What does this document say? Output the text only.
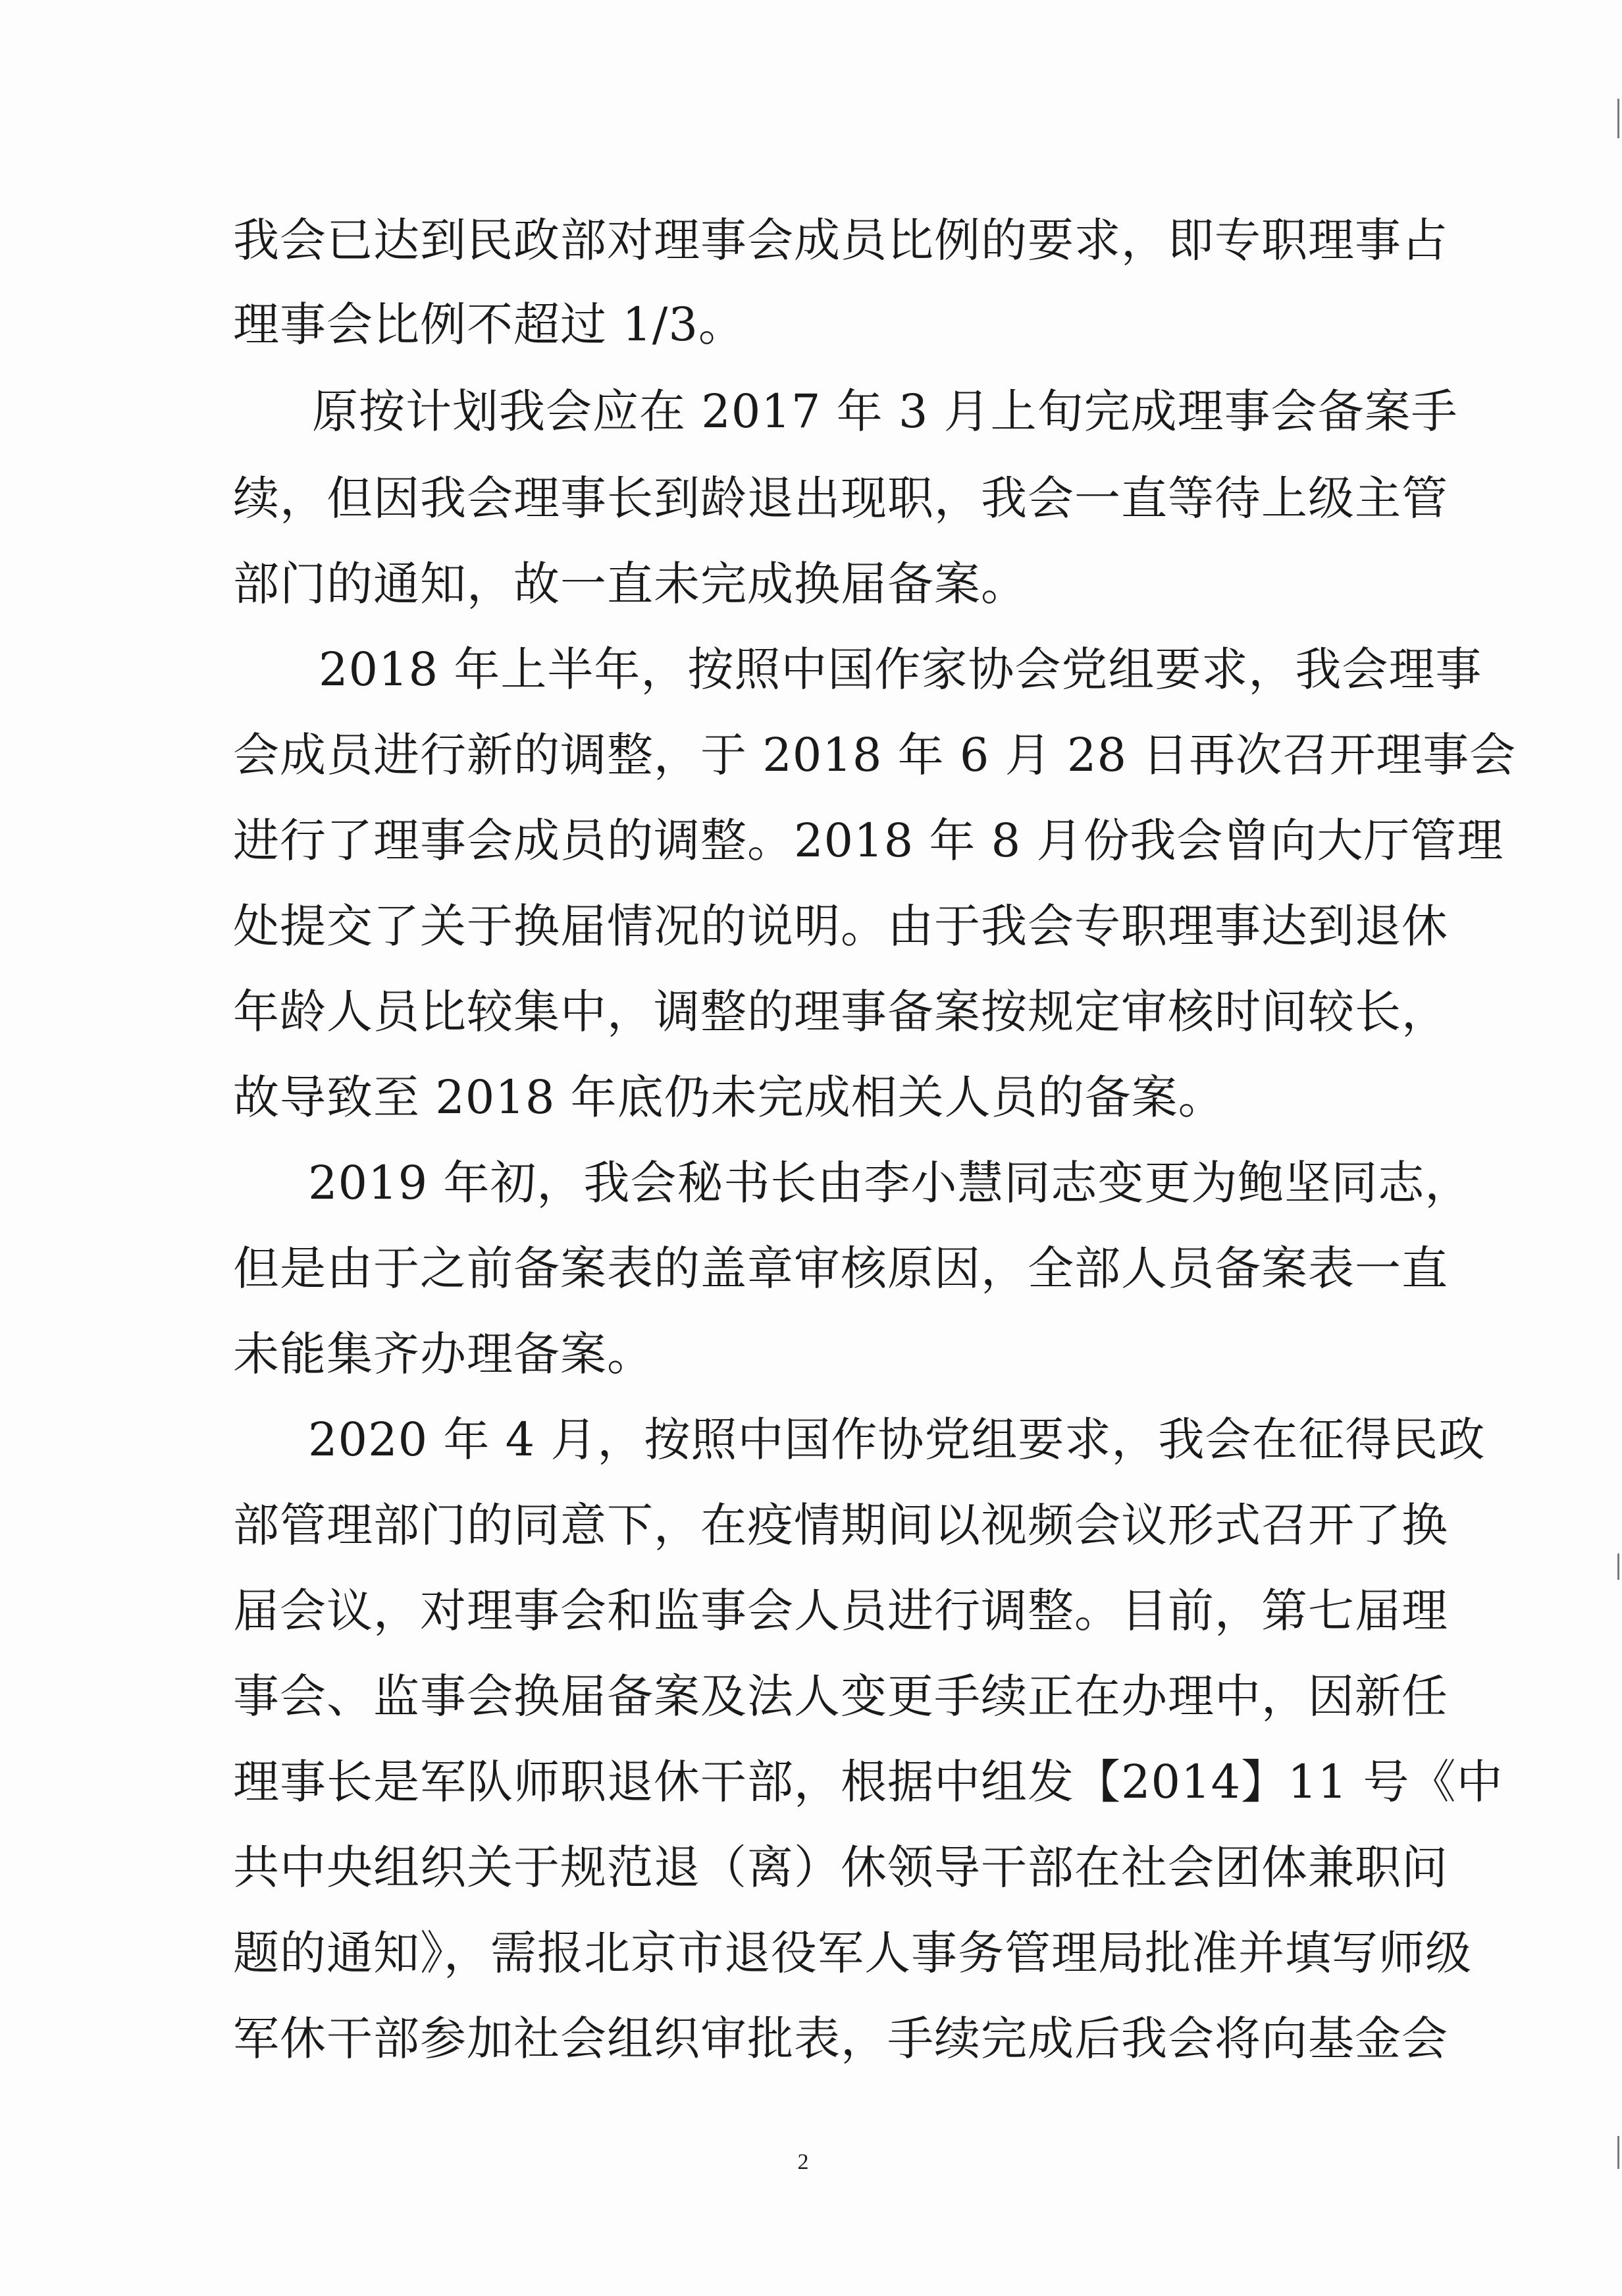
我会已达到民政部对理事会成员比例的要求，即专职理事占
理事会比例不超过 1/3。
原按计划我会应在 2017 年 3 月上旬完成理事会备案手
续，但因我会理事长到龄退出现职，我会一直等待上级主管
部门的通知，故一直未完成换届备案。
2018 年上半年，按照中国作家协会党组要求，我会理事
会成员进行新的调整，于 2018 年 6 月 28 日再次召开理事会
进行了理事会成员的调整。2018 年 8 月份我会曾向大厅管理
处提交了关于换届情况的说明。由于我会专职理事达到退休
年龄人员比较集中，调整的理事备案按规定审核时间较长，
故导致至 2018 年底仍未完成相关人员的备案。
2019 年初，我会秘书长由李小慧同志变更为鲍坚同志，
但是由于之前备案表的盖章审核原因，全部人员备案表一直
未能集齐办理备案。
2020 年 4 月，按照中国作协党组要求，我会在征得民政
部管理部门的同意下，在疫情期间以视频会议形式召开了换
届会议，对理事会和监事会人员进行调整。目前，第七届理
事会、监事会换届备案及法人变更手续正在办理中，因新任
理事长是军队师职退休干部，根据中组发【2014】11 号《中
共中央组织关于规范退（离）休领导干部在社会团体兼职问
题的通知》，需报北京市退役军人事务管理局批准并填写师级
军休干部参加社会组织审批表，手续完成后我会将向基金会
2
